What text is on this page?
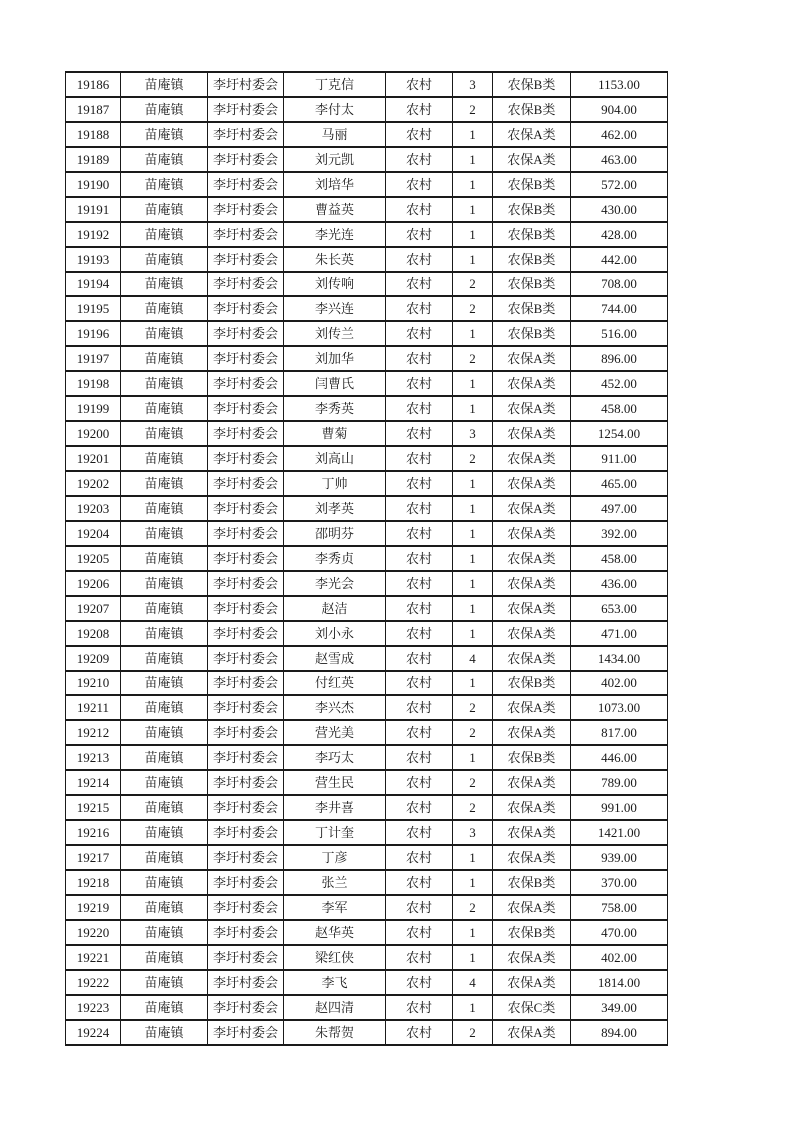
19186	苗庵镇	李圩村委会	丁克信	农村	3	农保B类	1153.00
19187	苗庵镇	李圩村委会	李付太	农村	2	农保B类	904.00
19188	苗庵镇	李圩村委会	马丽	农村	1	农保A类	462.00
19189	苗庵镇	李圩村委会	刘元凯	农村	1	农保A类	463.00
19190	苗庵镇	李圩村委会	刘培华	农村	1	农保B类	572.00
19191	苗庵镇	李圩村委会	曹益英	农村	1	农保B类	430.00
19192	苗庵镇	李圩村委会	李光连	农村	1	农保B类	428.00
19193	苗庵镇	李圩村委会	朱长英	农村	1	农保B类	442.00
19194	苗庵镇	李圩村委会	刘传响	农村	2	农保B类	708.00
19195	苗庵镇	李圩村委会	李兴连	农村	2	农保B类	744.00
19196	苗庵镇	李圩村委会	刘传兰	农村	1	农保B类	516.00
19197	苗庵镇	李圩村委会	刘加华	农村	2	农保A类	896.00
19198	苗庵镇	李圩村委会	闫曹氏	农村	1	农保A类	452.00
19199	苗庵镇	李圩村委会	李秀英	农村	1	农保A类	458.00
19200	苗庵镇	李圩村委会	曹菊	农村	3	农保A类	1254.00
19201	苗庵镇	李圩村委会	刘高山	农村	2	农保A类	911.00
19202	苗庵镇	李圩村委会	丁帅	农村	1	农保A类	465.00
19203	苗庵镇	李圩村委会	刘孝英	农村	1	农保A类	497.00
19204	苗庵镇	李圩村委会	邵明芬	农村	1	农保A类	392.00
19205	苗庵镇	李圩村委会	李秀贞	农村	1	农保A类	458.00
19206	苗庵镇	李圩村委会	李光会	农村	1	农保A类	436.00
19207	苗庵镇	李圩村委会	赵洁	农村	1	农保A类	653.00
19208	苗庵镇	李圩村委会	刘小永	农村	1	农保A类	471.00
19209	苗庵镇	李圩村委会	赵雪成	农村	4	农保A类	1434.00
19210	苗庵镇	李圩村委会	付红英	农村	1	农保B类	402.00
19211	苗庵镇	李圩村委会	李兴杰	农村	2	农保A类	1073.00
19212	苗庵镇	李圩村委会	营光美	农村	2	农保A类	817.00
19213	苗庵镇	李圩村委会	李巧太	农村	1	农保B类	446.00
19214	苗庵镇	李圩村委会	营生民	农村	2	农保A类	789.00
19215	苗庵镇	李圩村委会	李井喜	农村	2	农保A类	991.00
19216	苗庵镇	李圩村委会	丁计奎	农村	3	农保A类	1421.00
19217	苗庵镇	李圩村委会	丁彦	农村	1	农保A类	939.00
19218	苗庵镇	李圩村委会	张兰	农村	1	农保B类	370.00
19219	苗庵镇	李圩村委会	李军	农村	2	农保A类	758.00
19220	苗庵镇	李圩村委会	赵华英	农村	1	农保B类	470.00
19221	苗庵镇	李圩村委会	梁红侠	农村	1	农保A类	402.00
19222	苗庵镇	李圩村委会	李飞	农村	4	农保A类	1814.00
19223	苗庵镇	李圩村委会	赵四清	农村	1	农保C类	349.00
19224	苗庵镇	李圩村委会	朱帮贺	农村	2	农保A类	894.00
